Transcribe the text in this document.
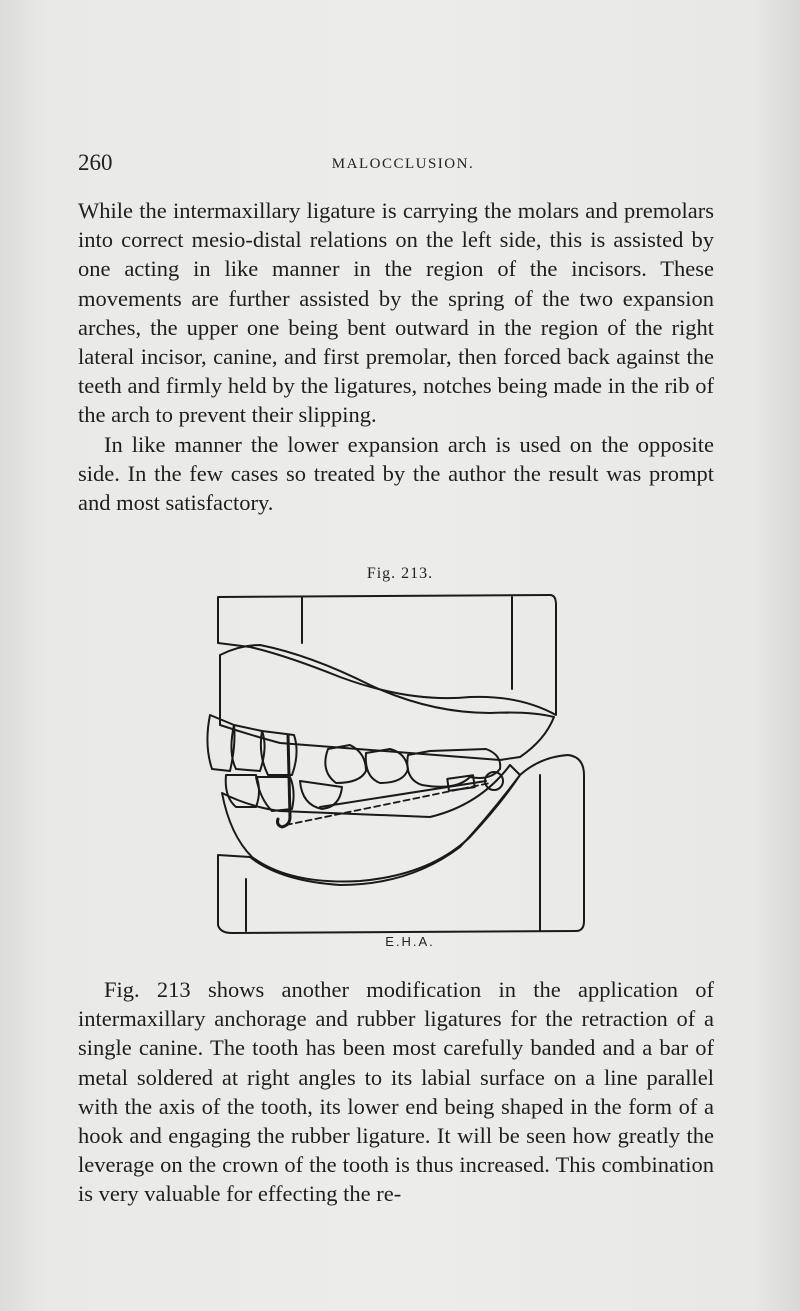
260	MALOCCLUSION.

While the intermaxillary ligature is carrying the molars and premolars into correct mesio-distal relations on the left side, this is assisted by one acting in like manner in the region of the incisors. These movements are further assisted by the spring of the two expansion arches, the upper one being bent outward in the region of the right lateral incisor, canine, and first premolar, then forced back against the teeth and firmly held by the ligatures, notches being made in the rib of the arch to prevent their slipping.

In like manner the lower expansion arch is used on the opposite side. In the few cases so treated by the author the result was prompt and most satisfactory.

Fig. 213.
E.H.A.

Fig. 213 shows another modification in the application of intermaxillary anchorage and rubber ligatures for the retraction of a single canine. The tooth has been most carefully banded and a bar of metal soldered at right angles to its labial surface on a line parallel with the axis of the tooth, its lower end being shaped in the form of a hook and engaging the rubber ligature. It will be seen how greatly the leverage on the crown of the tooth is thus increased. This combination is very valuable for effecting the re-
